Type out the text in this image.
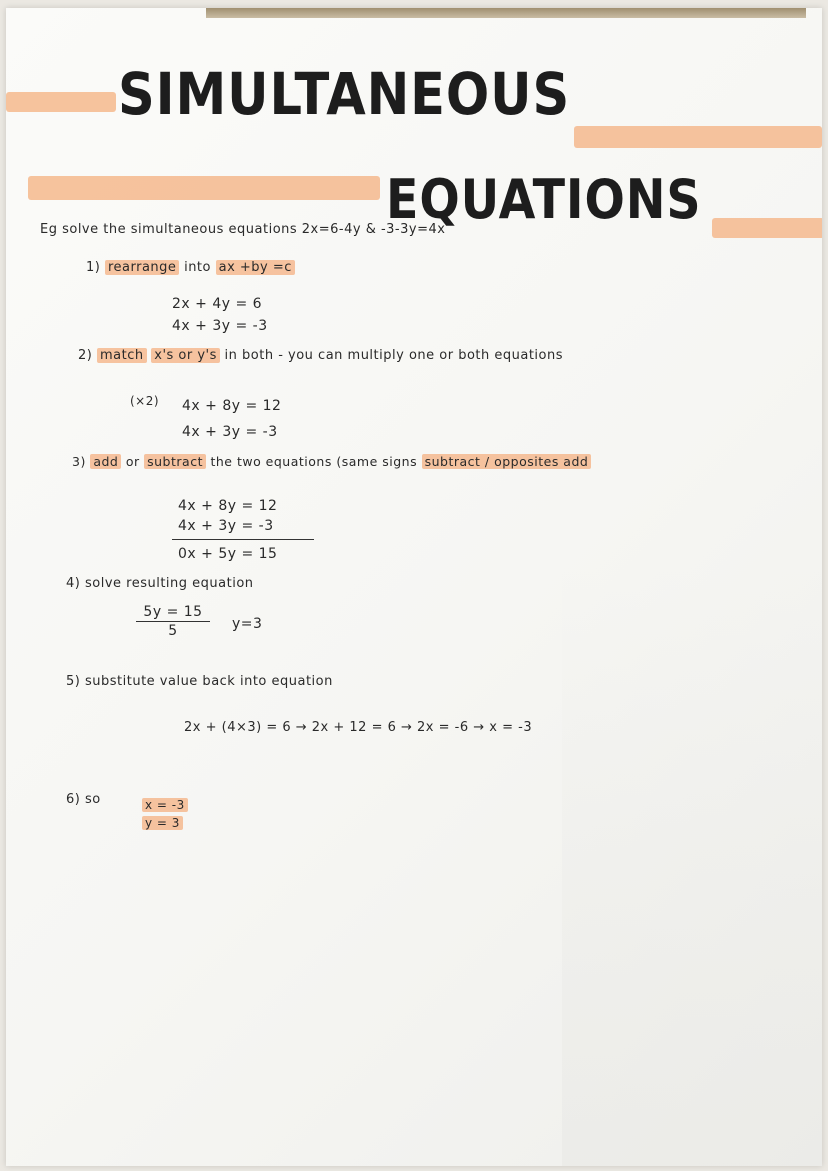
SIMULTANEOUS
EQUATIONS
Eg solve the simultaneous equations 2x=6-4y & -3-3y=4x
1) rearrange into ax +by =c
2x + 4y = 6
4x + 3y = -3
2) match x's or y's in both - you can multiply one or both equations
(×2) 4x + 8y = 12
4x + 3y = -3
3) add or subtract the two equations (same signs subtract / opposites add
4x + 8y = 12
4x + 3y = -3
0x + 5y = 15
4) solve resulting equation
5y = 15
5	y=3
5) substitute value back into equation
2x + (4×3) = 6 → 2x + 12 = 6 → 2x = -6 → x = -3
6) so	x = -3
y = 3
